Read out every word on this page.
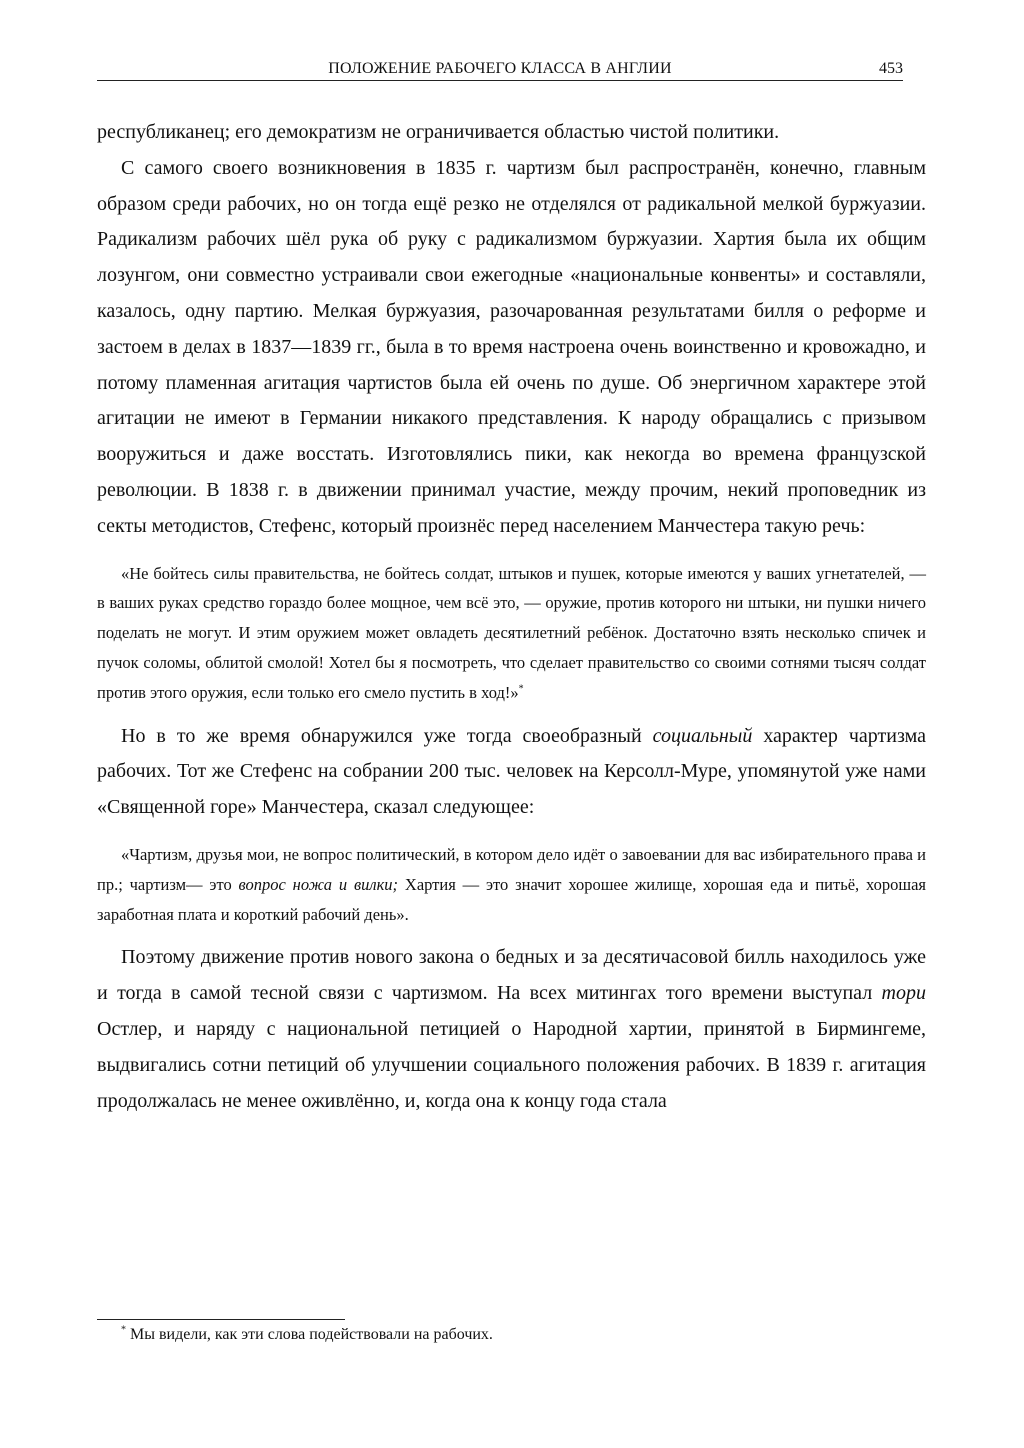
ПОЛОЖЕНИЕ РАБОЧЕГО КЛАССА В АНГЛИИ	453

республиканец; его демократизм не ограничивается областью чистой политики.

С самого своего возникновения в 1835 г. чартизм был распространён, конечно, главным образом среди рабочих, но он тогда ещё резко не отделялся от радикальной мелкой буржуазии. Радикализм рабочих шёл рука об руку с радикализмом буржуазии. Хартия была их общим лозунгом, они совместно устраивали свои ежегодные «национальные конвенты» и составляли, казалось, одну партию. Мелкая буржуазия, разочарованная результатами билля о реформе и застоем в делах в 1837—1839 гг., была в то время настроена очень воинственно и кровожадно, и потому пламенная агитация чартистов была ей очень по душе. Об энергичном характере этой агитации не имеют в Германии никакого представления. К народу обращались с призывом вооружиться и даже восстать. Изготовлялись пики, как некогда во времена французской революции. В 1838 г. в движении принимал участие, между прочим, некий проповедник из секты методистов, Стефенс, который произнёс перед населением Манчестера такую речь:

«Не бойтесь силы правительства, не бойтесь солдат, штыков и пушек, которые имеются у ваших угнетателей, — в ваших руках средство гораздо более мощное, чем всё это, — оружие, против которого ни штыки, ни пушки ничего поделать не могут. И этим оружием может овладеть десятилетний ребёнок. Достаточно взять несколько спичек и пучок соломы, облитой смолой! Хотел бы я посмотреть, что сделает правительство со своими сотнями тысяч солдат против этого оружия, если только его смело пустить в ход!»*

Но в то же время обнаружился уже тогда своеобразный социальный характер чартизма рабочих. Тот же Стефенс на собрании 200 тыс. человек на Керсолл-Муре, упомянутой уже нами «Священной горе» Манчестера, сказал следующее:

«Чартизм, друзья мои, не вопрос политический, в котором дело идёт о завоевании для вас избирательного права и пр.; чартизм— это вопрос ножа и вилки; Хартия — это значит хорошее жилище, хорошая еда и питьё, хорошая заработная плата и короткий рабочий день».

Поэтому движение против нового закона о бедных и за десятичасовой билль находилось уже и тогда в самой тесной связи с чартизмом. На всех митингах того времени выступал тори Остлер, и наряду с национальной петицией о Народной хартии, принятой в Бирмингеме, выдвигались сотни петиций об улучшении социального положения рабочих. В 1839 г. агитация продолжалась не менее оживлённо, и, когда она к концу года стала

* Мы видели, как эти слова подействовали на рабочих.
